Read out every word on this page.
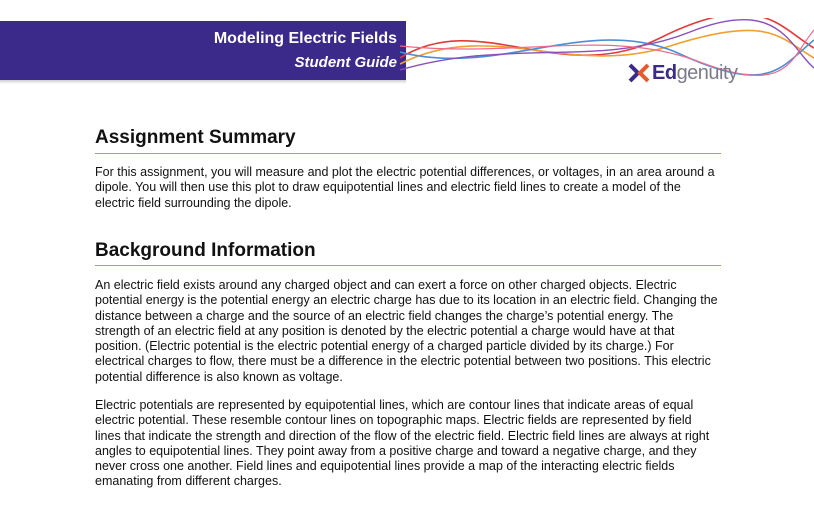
Modeling Electric Fields
Student Guide	Ed genuity
Assignment Summary

For this assignment, you will measure and plot the electric potential differences, or voltages, in an area around a dipole. You will then use this plot to draw equipotential lines and electric field lines to create a model of the electric field surrounding the dipole.

Background Information

An electric field exists around any charged object and can exert a force on other charged objects. Electric potential energy is the potential energy an electric charge has due to its location in an electric field. Changing the distance between a charge and the source of an electric field changes the charge’s potential energy. The strength of an electric field at any position is denoted by the electric potential a charge would have at that position. (Electric potential is the electric potential energy of a charged particle divided by its charge.) For electrical charges to flow, there must be a difference in the electric potential between two positions. This electric potential difference is also known as voltage.

Electric potentials are represented by equipotential lines, which are contour lines that indicate areas of equal electric potential. These resemble contour lines on topographic maps. Electric fields are represented by field lines that indicate the strength and direction of the flow of the electric field. Electric field lines are always at right angles to equipotential lines. They point away from a positive charge and toward a negative charge, and they never cross one another. Field lines and equipotential lines provide a map of the interacting electric fields emanating from different charges.
